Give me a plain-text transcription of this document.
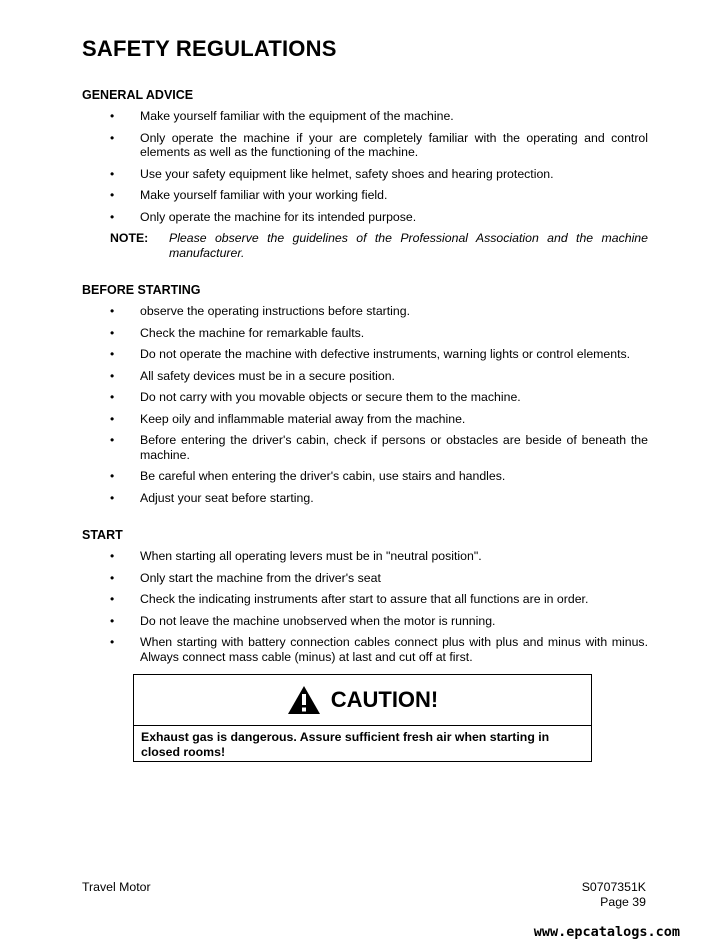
SAFETY REGULATIONS
GENERAL ADVICE
• Make yourself familiar with the equipment of the machine.
• Only operate the machine if your are completely familiar with the operating and control elements as well as the functioning of the machine.
• Use your safety equipment like helmet, safety shoes and hearing protection.
• Make yourself familiar with your working field.
• Only operate the machine for its intended purpose.
NOTE:	Please observe the guidelines of the Professional Association and the machine manufacturer.
BEFORE STARTING
• observe the operating instructions before starting.
• Check the machine for remarkable faults.
• Do not operate the machine with defective instruments, warning lights or control elements.
• All safety devices must be in a secure position.
• Do not carry with you movable objects or secure them to the machine.
• Keep oily and inflammable material away from the machine.
• Before entering the driver's cabin, check if persons or obstacles are beside of beneath the machine.
• Be careful when entering the driver's cabin, use stairs and handles.
• Adjust your seat before starting.
START
• When starting all operating levers must be in "neutral position".
• Only start the machine from the driver's seat
• Check the indicating instruments after start to assure that all functions are in order.
• Do not leave the machine unobserved when the motor is running.
• When starting with battery connection cables connect plus with plus and minus with minus. Always connect mass cable (minus) at last and cut off at first.
CAUTION!
Exhaust gas is dangerous. Assure sufficient fresh air when starting in closed rooms!
Travel Motor	S0707351K
Page 39
www.epcatalogs.com
